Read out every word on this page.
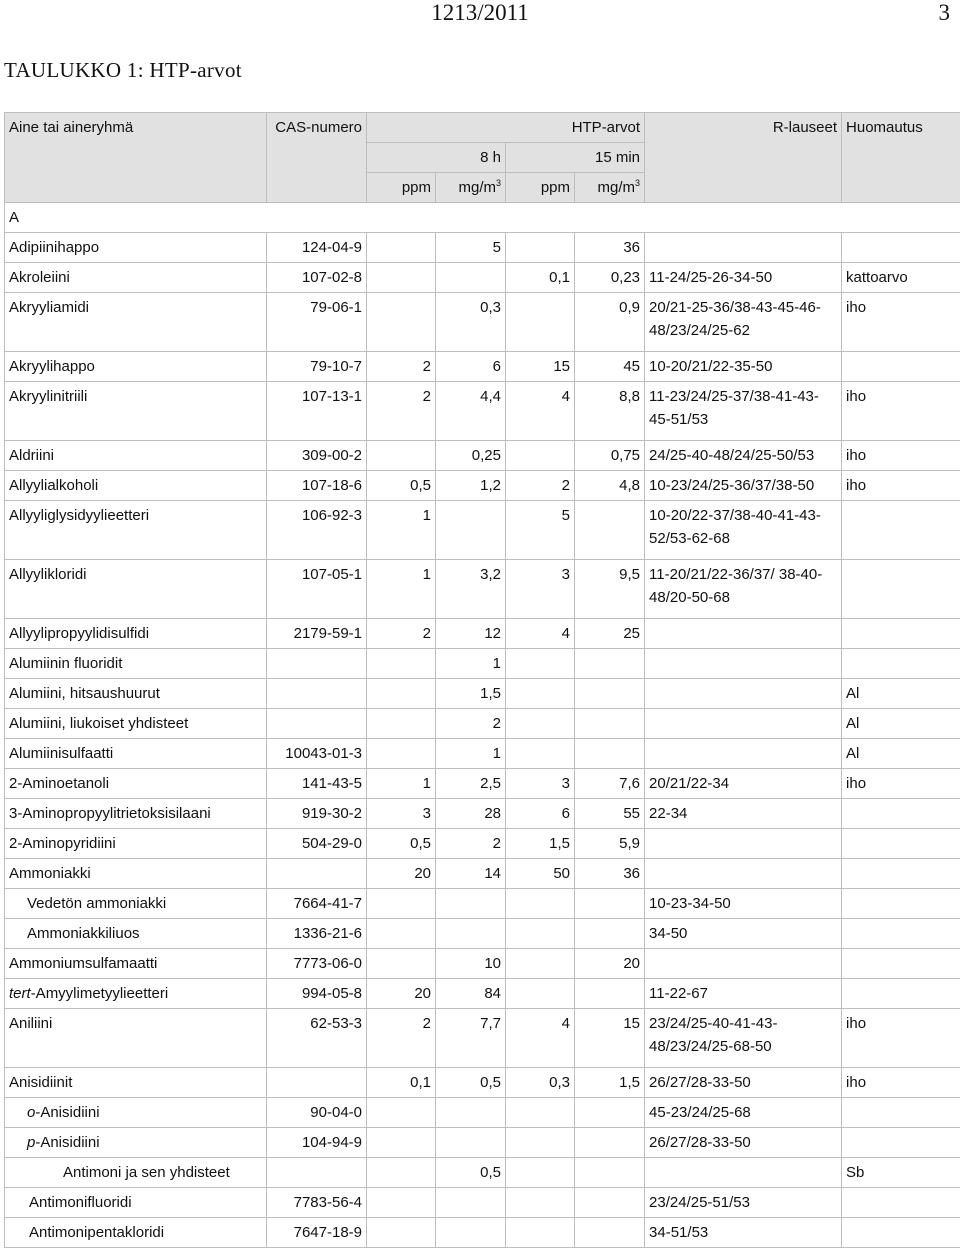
1213/2011	3
TAULUKKO 1: HTP-arvot
Aine tai aineryhmä	CAS-numero	HTP-arvot				R-lauseet	Huomautus
		8 h		15 min			
		ppm	$mg/m^3$	ppm	$mg/m^3$
A							
Adipiinihappo	124-04-9		5		36		
Akroleiini	107-02-8			0,1	0,23	11-24/25-26-34-50	kattoarvo
Akryyliamidi	79-06-1		0,3		0,9	20/21-25-36/38-43-45-46-48/23/24/25-62	iho
Akryylihappo	79-10-7	2	6	15	45	10-20/21/22-35-50	
Akryylinitriili	107-13-1	2	4,4	4	8,8	11-23/24/25-37/38-41-43-45-51/53	iho
Aldriini	309-00-2		0,25		0,75	24/25-40-48/24/25-50/53	iho
Allyylialkoholi	107-18-6	0,5	1,2	2	4,8	10-23/24/25-36/37/38-50	iho
Allyyliglysidyylieetteri	106-92-3	1		5		10-20/22-37/38-40-41-43-52/53-62-68	
Allyylikloridi	107-05-1	1	3,2	3	9,5	11-20/21/22-36/37/ 38-40-48/20-50-68	
Allyylipropyylidisulfidi	2179-59-1	2	12	4	25		
Alumiinin fluoridit			1				
Alumiini, hitsaushuurut			1,5				Al
Alumiini, liukoiset yhdisteet			2				Al
Alumiinisulfaatti	10043-01-3		1				Al
2-Aminoetanoli	141-43-5	1	2,5	3	7,6	20/21/22-34	iho
3-Aminopropyylitrietoksisilaani	919-30-2	3	28	6	55	22-34	
2-Aminopyridiini	504-29-0	0,5	2	1,5	5,9		
Ammoniakki		20	14	50	36		
Vedetön ammoniakki	7664-41-7					10-23-34-50	
Ammoniakkiliuos	1336-21-6					34-50	
Ammoniumsulfamaatti	7773-06-0		10		20		
tert-Amyylimetyylieetteri	994-05-8	20	84			11-22-67	
Aniliini	62-53-3	2	7,7	4	15	23/24/25-40-41-43-48/23/24/25-68-50	iho
Anisidiinit		0,1	0,5	0,3	1,5	26/27/28-33-50	iho
o-Anisidiini	90-04-0					45-23/24/25-68	
p-Anisidiini	104-94-9					26/27/28-33-50	
Antimoni ja sen yhdisteet			0,5				Sb
Antimonifluoridi	7783-56-4					23/24/25-51/53	
Antimonipentakloridi	7647-18-9					34-51/53	
